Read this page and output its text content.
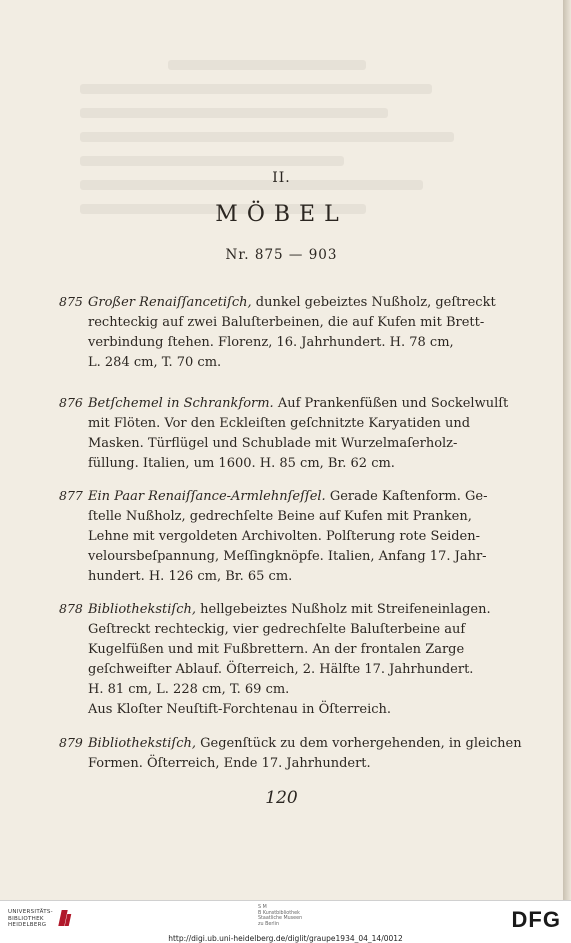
II.
MÖBEL
Nr. 875 — 903
875 Großer Renaiſſancetiſch, dunkel gebeiztes Nußholz, geſtreckt
rechteckig auf zwei Baluſterbeinen, die auf Kufen mit Brett-
verbindung ſtehen. Florenz, 16. Jahrhundert. H. 78 cm,
L. 284 cm, T. 70 cm.
876 Betſchemel in Schrankform. Auf Prankenfüßen und Sockelwulſt
mit Flöten. Vor den Eckleiſten geſchnitzte Karyatiden und
Masken. Türflügel und Schublade mit Wurzelmaſerholz-
füllung. Italien, um 1600. H. 85 cm, Br. 62 cm.
877 Ein Paar Renaiſſance-Armlehnſeſſel. Gerade Kaſtenform. Ge-
ſtelle Nußholz, gedrechſelte Beine auf Kufen mit Pranken,
Lehne mit vergoldeten Archivolten. Polſterung rote Seiden-
veloursbeſpannung, Meſſingknöpfe. Italien, Anfang 17. Jahr-
hundert. H. 126 cm, Br. 65 cm.
878 Bibliothekstiſch, hellgebeiztes Nußholz mit Streifeneinlagen.
Geſtreckt rechteckig, vier gedrechſelte Baluſterbeine auf
Kugelfüßen und mit Fußbrettern. An der frontalen Zarge
geſchweifter Ablauf. Öſterreich, 2. Hälfte 17. Jahrhundert.
H. 81 cm, L. 228 cm, T. 69 cm.
Aus Kloſter Neuſtift-Forchtenau in Öſterreich.
879 Bibliothekstiſch, Gegenſtück zu dem vorhergehenden, in gleichen
Formen. Öſterreich, Ende 17. Jahrhundert.
120
UNIVERSITÄTS-
BIBLIOTHEK
HEIDELBERG
S M
B Kunstbibliothek
Staatliche Museen
zu Berlin
http://digi.ub.uni-heidelberg.de/diglit/graupe1934_04_14/0012
DFG
